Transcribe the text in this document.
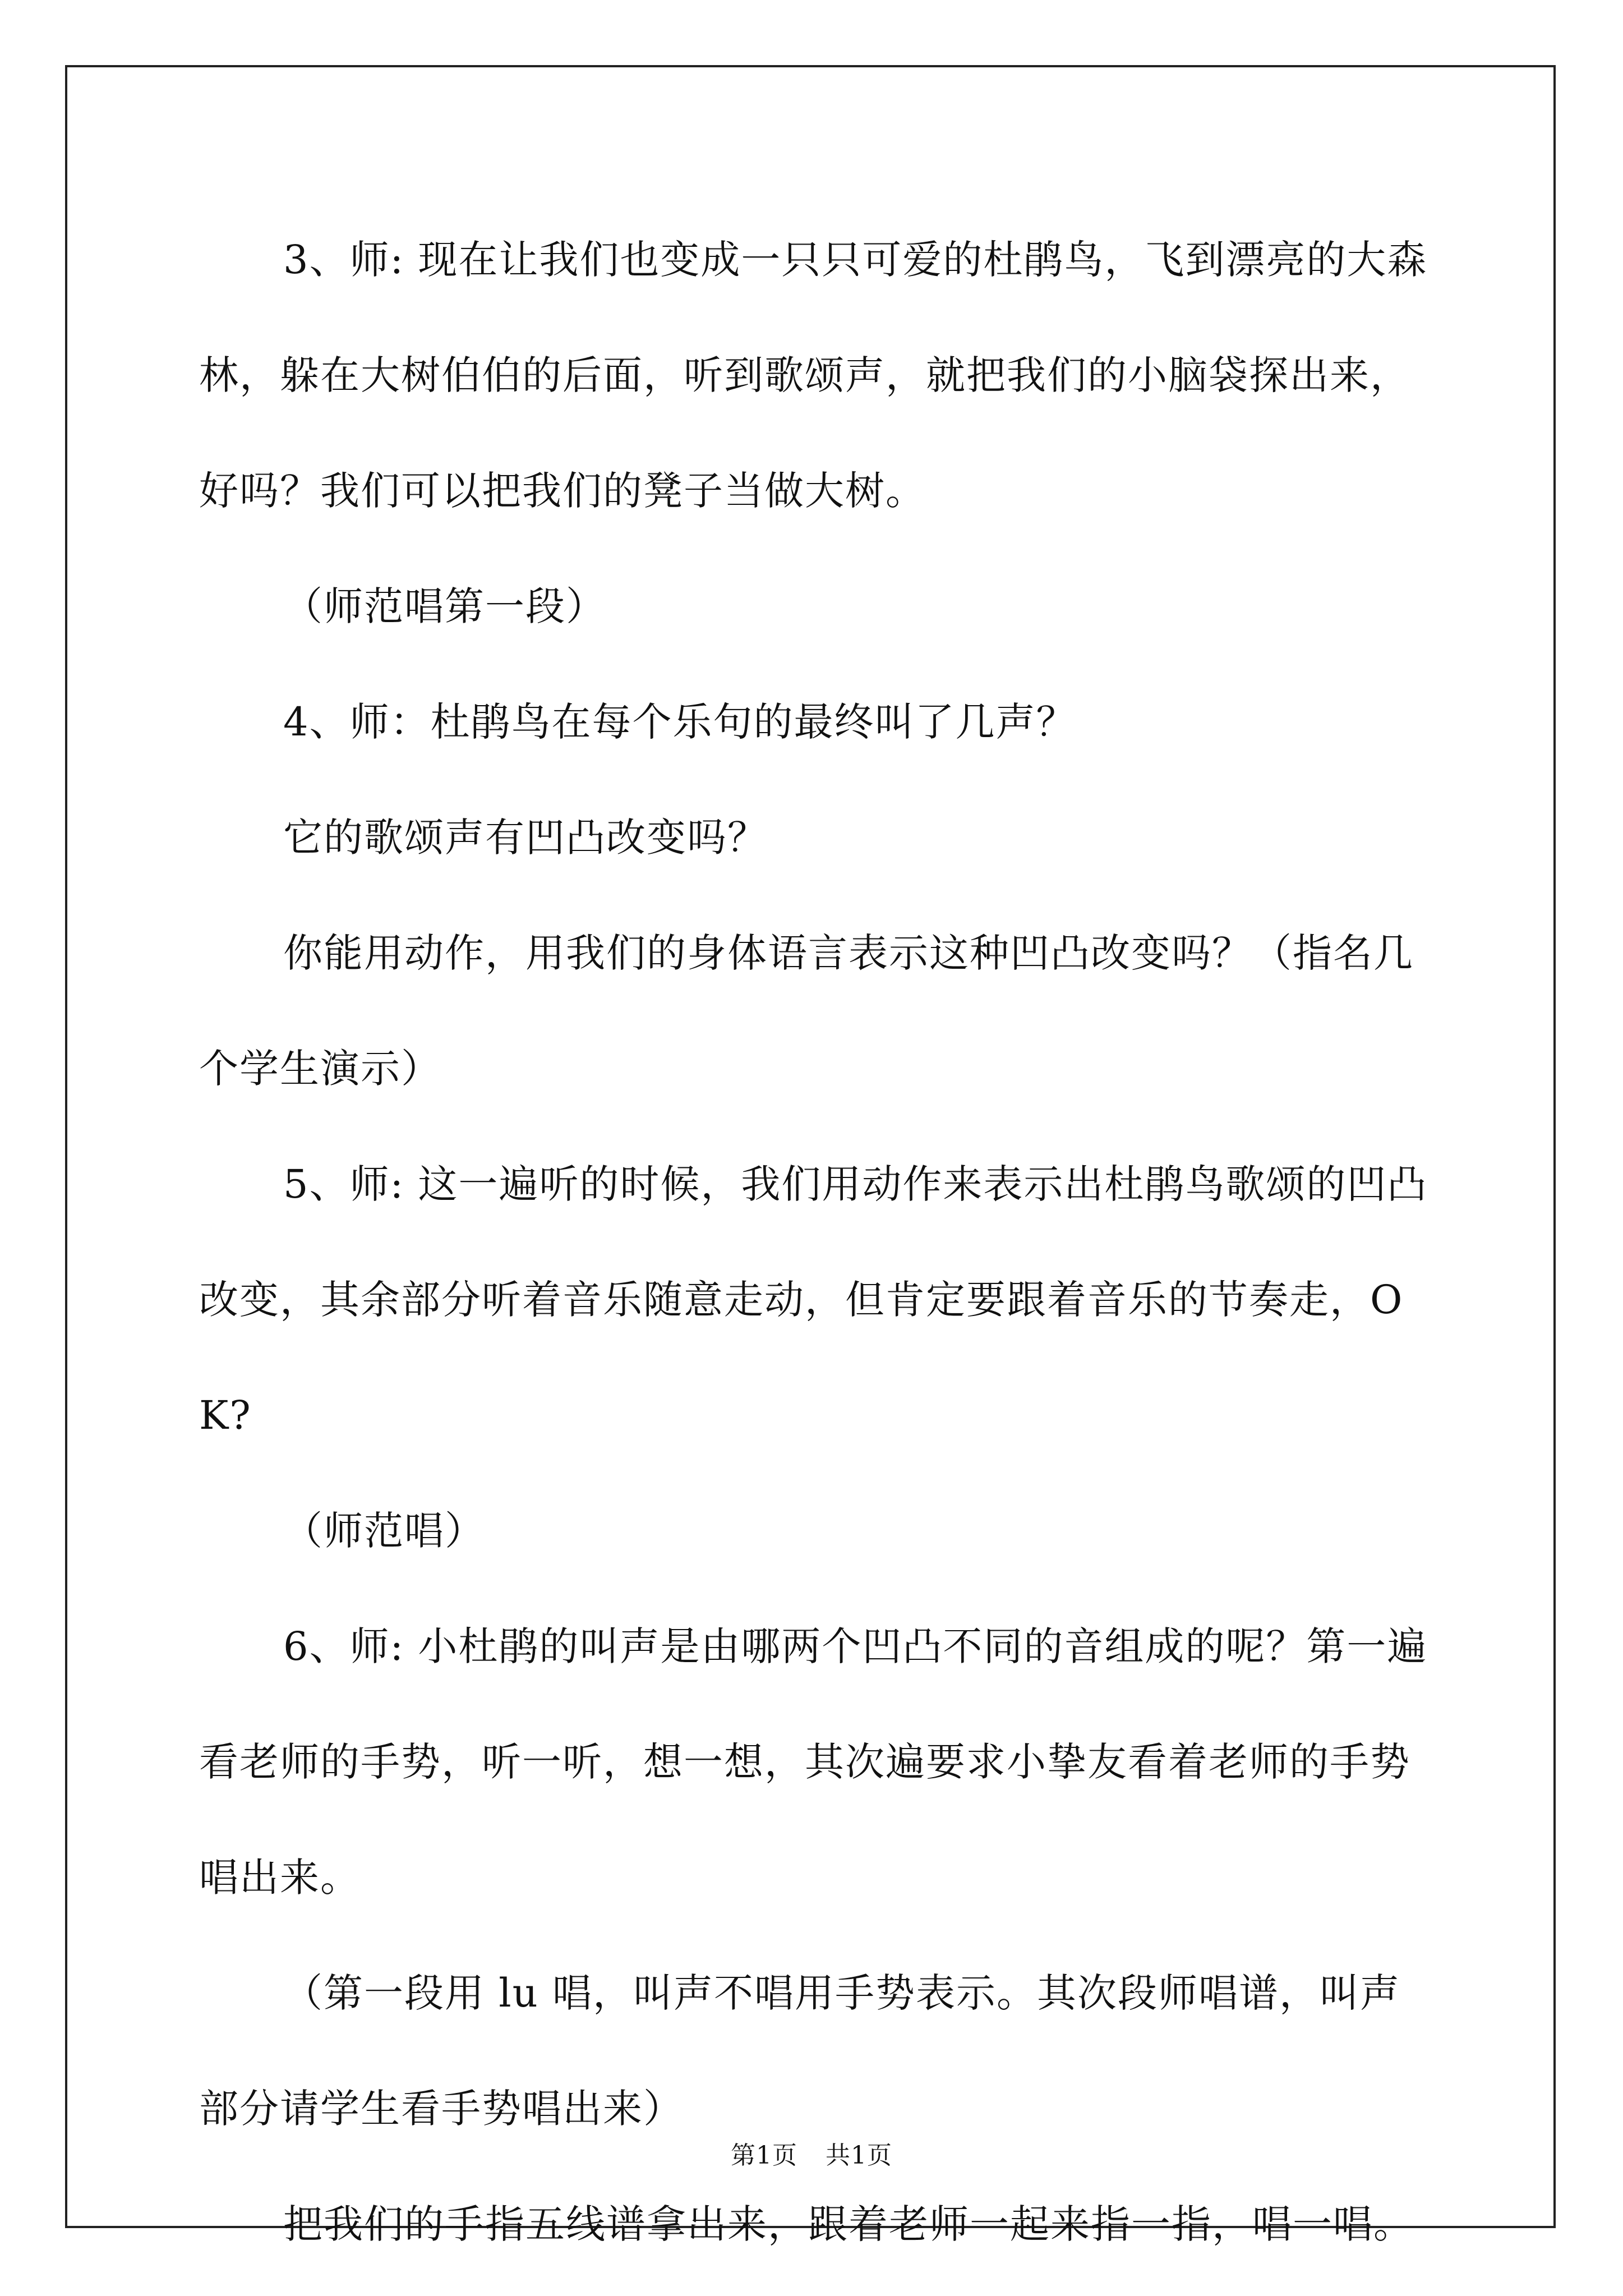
3、师: 现在让我们也变成一只只可爱的杜鹃鸟，飞到漂亮的大森林，躲在大树伯伯的后面，听到歌颂声，就把我们的小脑袋探出来，好吗？我们可以把我们的凳子当做大树。

（师范唱第一段）

4、师：杜鹃鸟在每个乐句的最终叫了几声？

它的歌颂声有凹凸改变吗？

你能用动作，用我们的身体语言表示这种凹凸改变吗？（指名几个学生演示）

5、师: 这一遍听的时候，我们用动作来表示出杜鹃鸟歌颂的凹凸改变，其余部分听着音乐随意走动，但肯定要跟着音乐的节奏走，OK?

（师范唱）

6、师: 小杜鹃的叫声是由哪两个凹凸不同的音组成的呢？第一遍看老师的手势，听一听，想一想，其次遍要求小挚友看着老师的手势唱出来。

（第一段用 lu 唱，叫声不唱用手势表示。其次段师唱谱，叫声部分请学生看手势唱出来）

把我们的手指五线谱拿出来，跟着老师一起来指一指，唱一唱。

第1页 共1页
